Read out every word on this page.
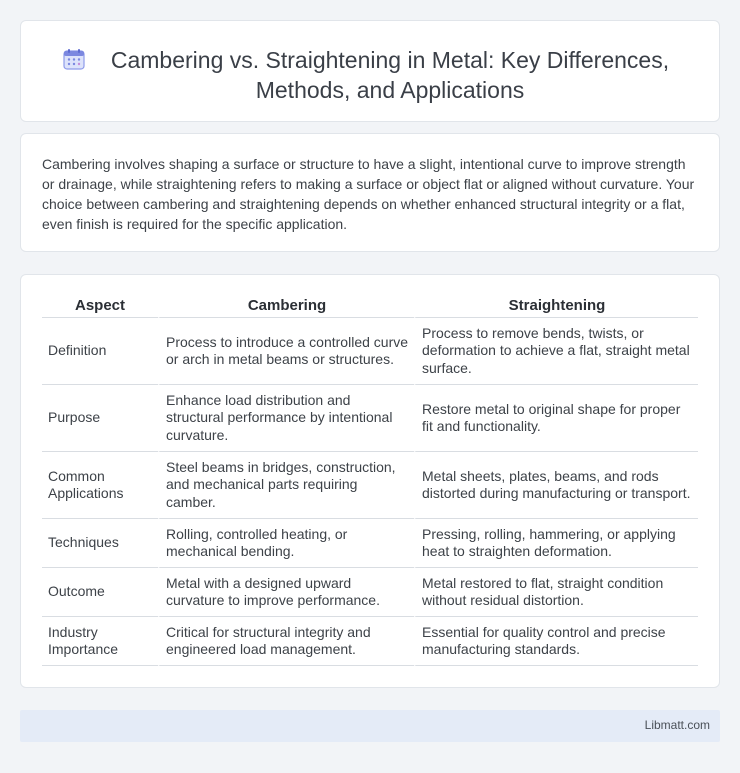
Cambering vs. Straightening in Metal: Key Differences, Methods, and Applications

Cambering involves shaping a surface or structure to have a slight, intentional curve to improve strength or drainage, while straightening refers to making a surface or object flat or aligned without curvature. Your choice between cambering and straightening depends on whether enhanced structural integrity or a flat, even finish is required for the specific application.

Aspect	Cambering	Straightening
Definition	Process to introduce a controlled curve or arch in metal beams or structures.	Process to remove bends, twists, or deformation to achieve a flat, straight metal surface.
Purpose	Enhance load distribution and structural performance by intentional curvature.	Restore metal to original shape for proper fit and functionality.
Common Applications	Steel beams in bridges, construction, and mechanical parts requiring camber.	Metal sheets, plates, beams, and rods distorted during manufacturing or transport.
Techniques	Rolling, controlled heating, or mechanical bending.	Pressing, rolling, hammering, or applying heat to straighten deformation.
Outcome	Metal with a designed upward curvature to improve performance.	Metal restored to flat, straight condition without residual distortion.
Industry Importance	Critical for structural integrity and engineered load management.	Essential for quality control and precise manufacturing standards.
Libmatt.com
